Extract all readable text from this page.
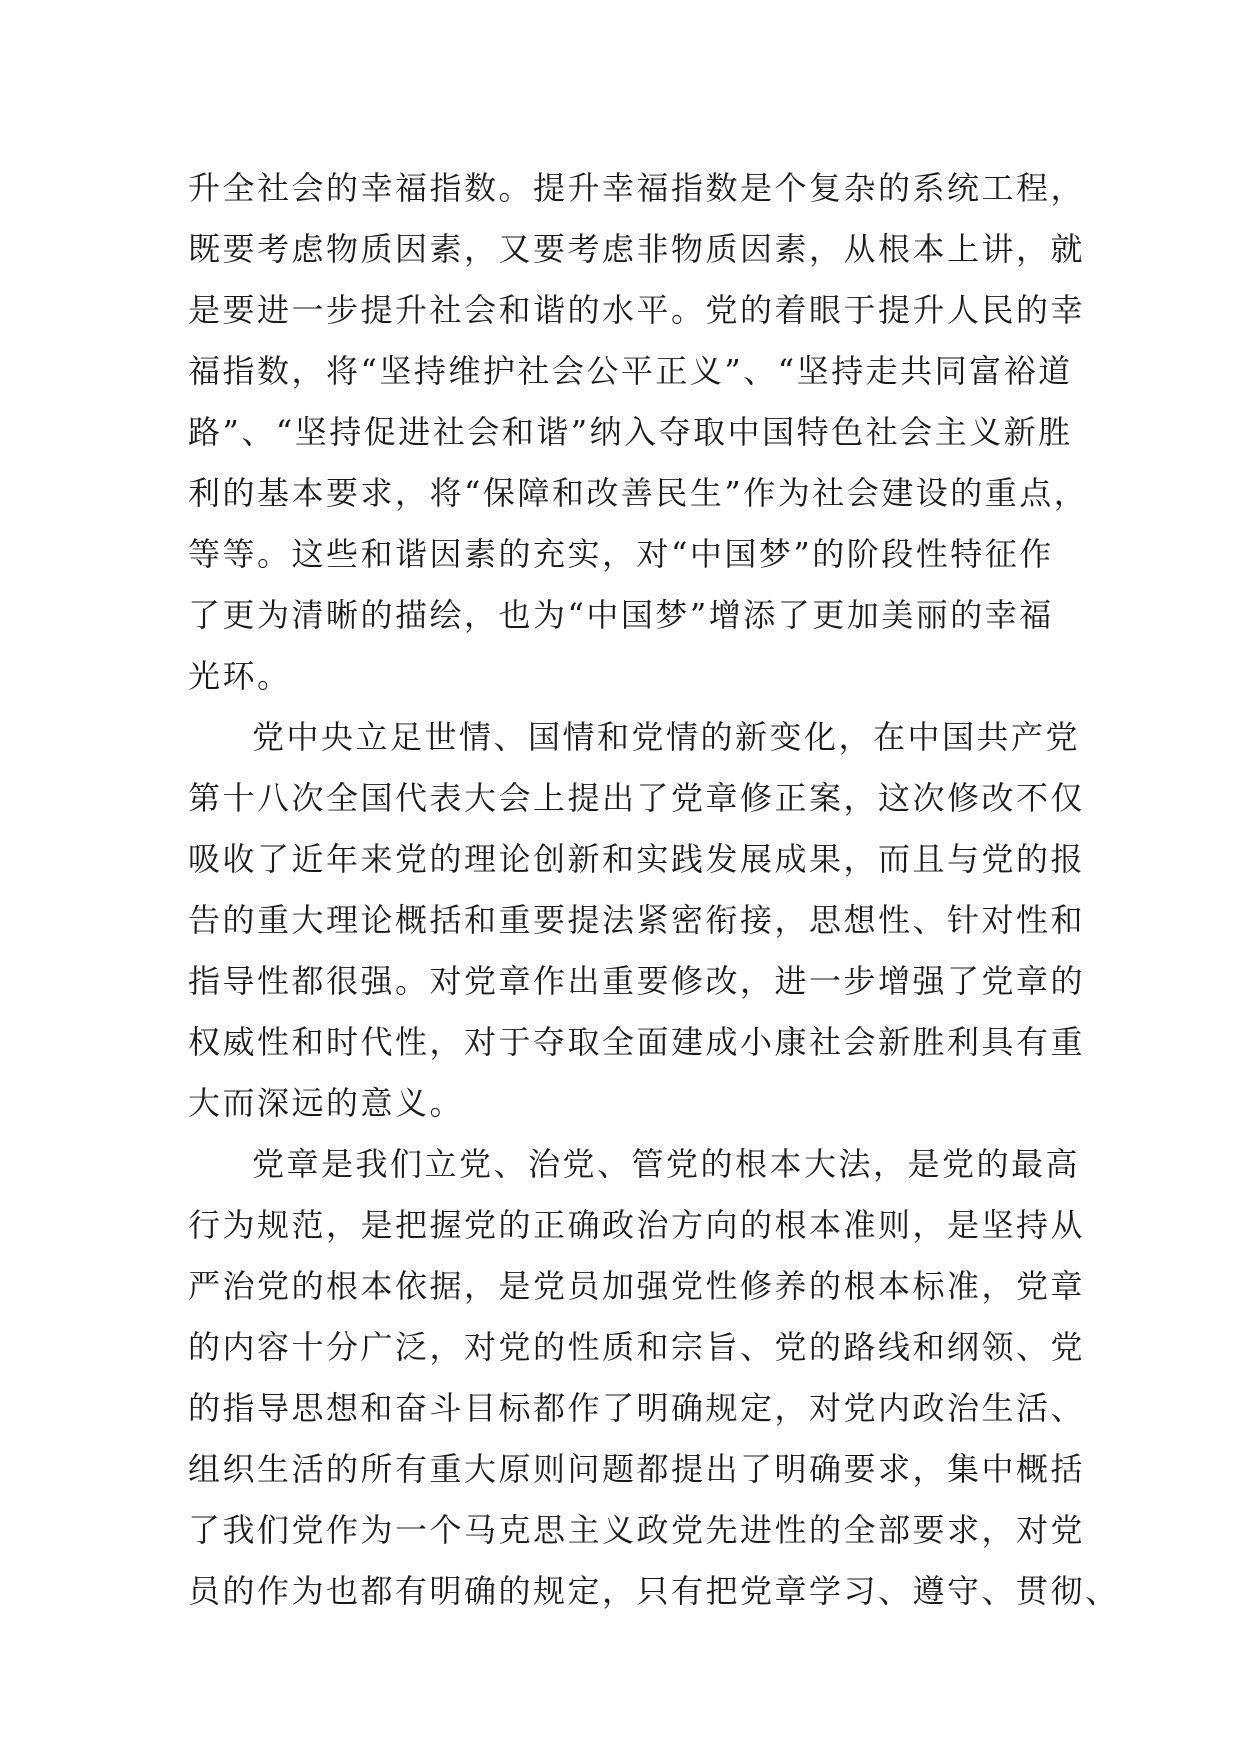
升全社会的幸福指数。提升幸福指数是个复杂的系统工程，
既要考虑物质因素，又要考虑非物质因素，从根本上讲，就
是要进一步提升社会和谐的水平。党的着眼于提升人民的幸
福指数，将“坚持维护社会公平正义”、“坚持走共同富裕道
路”、“坚持促进社会和谐”纳入夺取中国特色社会主义新胜
利的基本要求，将“保障和改善民生”作为社会建设的重点，
等等。这些和谐因素的充实，对“中国梦”的阶段性特征作
了更为清晰的描绘，也为“中国梦”增添了更加美丽的幸福
光环。
党中央立足世情、国情和党情的新变化，在中国共产党
第十八次全国代表大会上提出了党章修正案，这次修改不仅
吸收了近年来党的理论创新和实践发展成果，而且与党的报
告的重大理论概括和重要提法紧密衔接，思想性、针对性和
指导性都很强。对党章作出重要修改，进一步增强了党章的
权威性和时代性，对于夺取全面建成小康社会新胜利具有重
大而深远的意义。
党章是我们立党、治党、管党的根本大法，是党的最高
行为规范，是把握党的正确政治方向的根本准则，是坚持从
严治党的根本依据，是党员加强党性修养的根本标准，党章
的内容十分广泛，对党的性质和宗旨、党的路线和纲领、党
的指导思想和奋斗目标都作了明确规定，对党内政治生活、
组织生活的所有重大原则问题都提出了明确要求，集中概括
了我们党作为一个马克思主义政党先进性的全部要求，对党
员的作为也都有明确的规定，只有把党章学习、遵守、贯彻、
